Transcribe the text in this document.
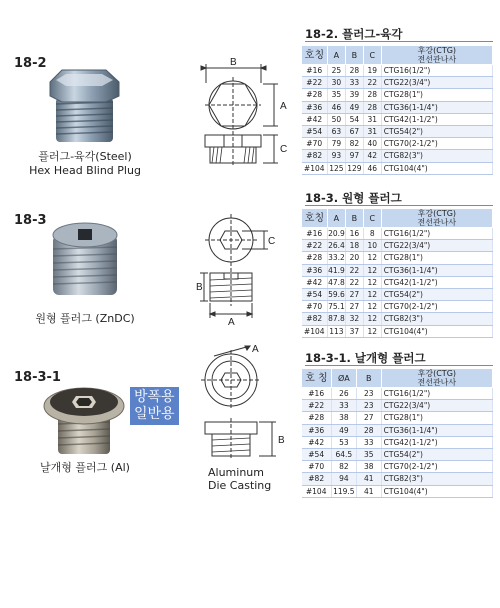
18-2
플러그-육각(Steel)
Hex Head Blind Plug
B
A
C
18-2. 플러그-육각
호칭	A	B	C	후강(CTG)
전선관나사

#16	25	28	19	CTG16(1/2")
#22	30	33	22	CTG22(3/4")
#28	35	39	28	CTG28(1")
#36	46	49	28	CTG36(1-1/4")
#42	50	54	31	CTG42(1-1/2")
#54	63	67	31	CTG54(2")
#70	79	82	40	CTG70(2-1/2")
#82	93	97	42	CTG82(3")
#104	125	129	46	CTG104(4")
18-3
원형 플러그 (ZnDC)
C
B
A
18-3. 원형 플러그
호칭	A	B	C	후강(CTG)
전선관나사

#16	20.9	16	8	CTG16(1/2")
#22	26.4	18	10	CTG22(3/4")
#28	33.2	20	12	CTG28(1")
#36	41.9	22	12	CTG36(1-1/4")
#42	47.8	22	12	CTG42(1-1/2")
#54	59.6	27	12	CTG54(2")
#70	75.1	27	12	CTG70(2-1/2")
#82	87.8	32	12	CTG82(3")
#104	113	37	12	CTG104(4")
18-3-1
방폭용
일반용
날개형 플러그 (Al)
A
B
Aluminum
Die Casting
18-3-1. 날개형 플러그
호 칭	ØA	B	후강(CTG)
전선관나사

#16	26	23	CTG16(1/2")
#22	33	23	CTG22(3/4")
#28	38	27	CTG28(1")
#36	49	28	CTG36(1-1/4")
#42	53	33	CTG42(1-1/2")
#54	64.5	35	CTG54(2")
#70	82	38	CTG70(2-1/2")
#82	94	41	CTG82(3")
#104	119.5	41	CTG104(4")
